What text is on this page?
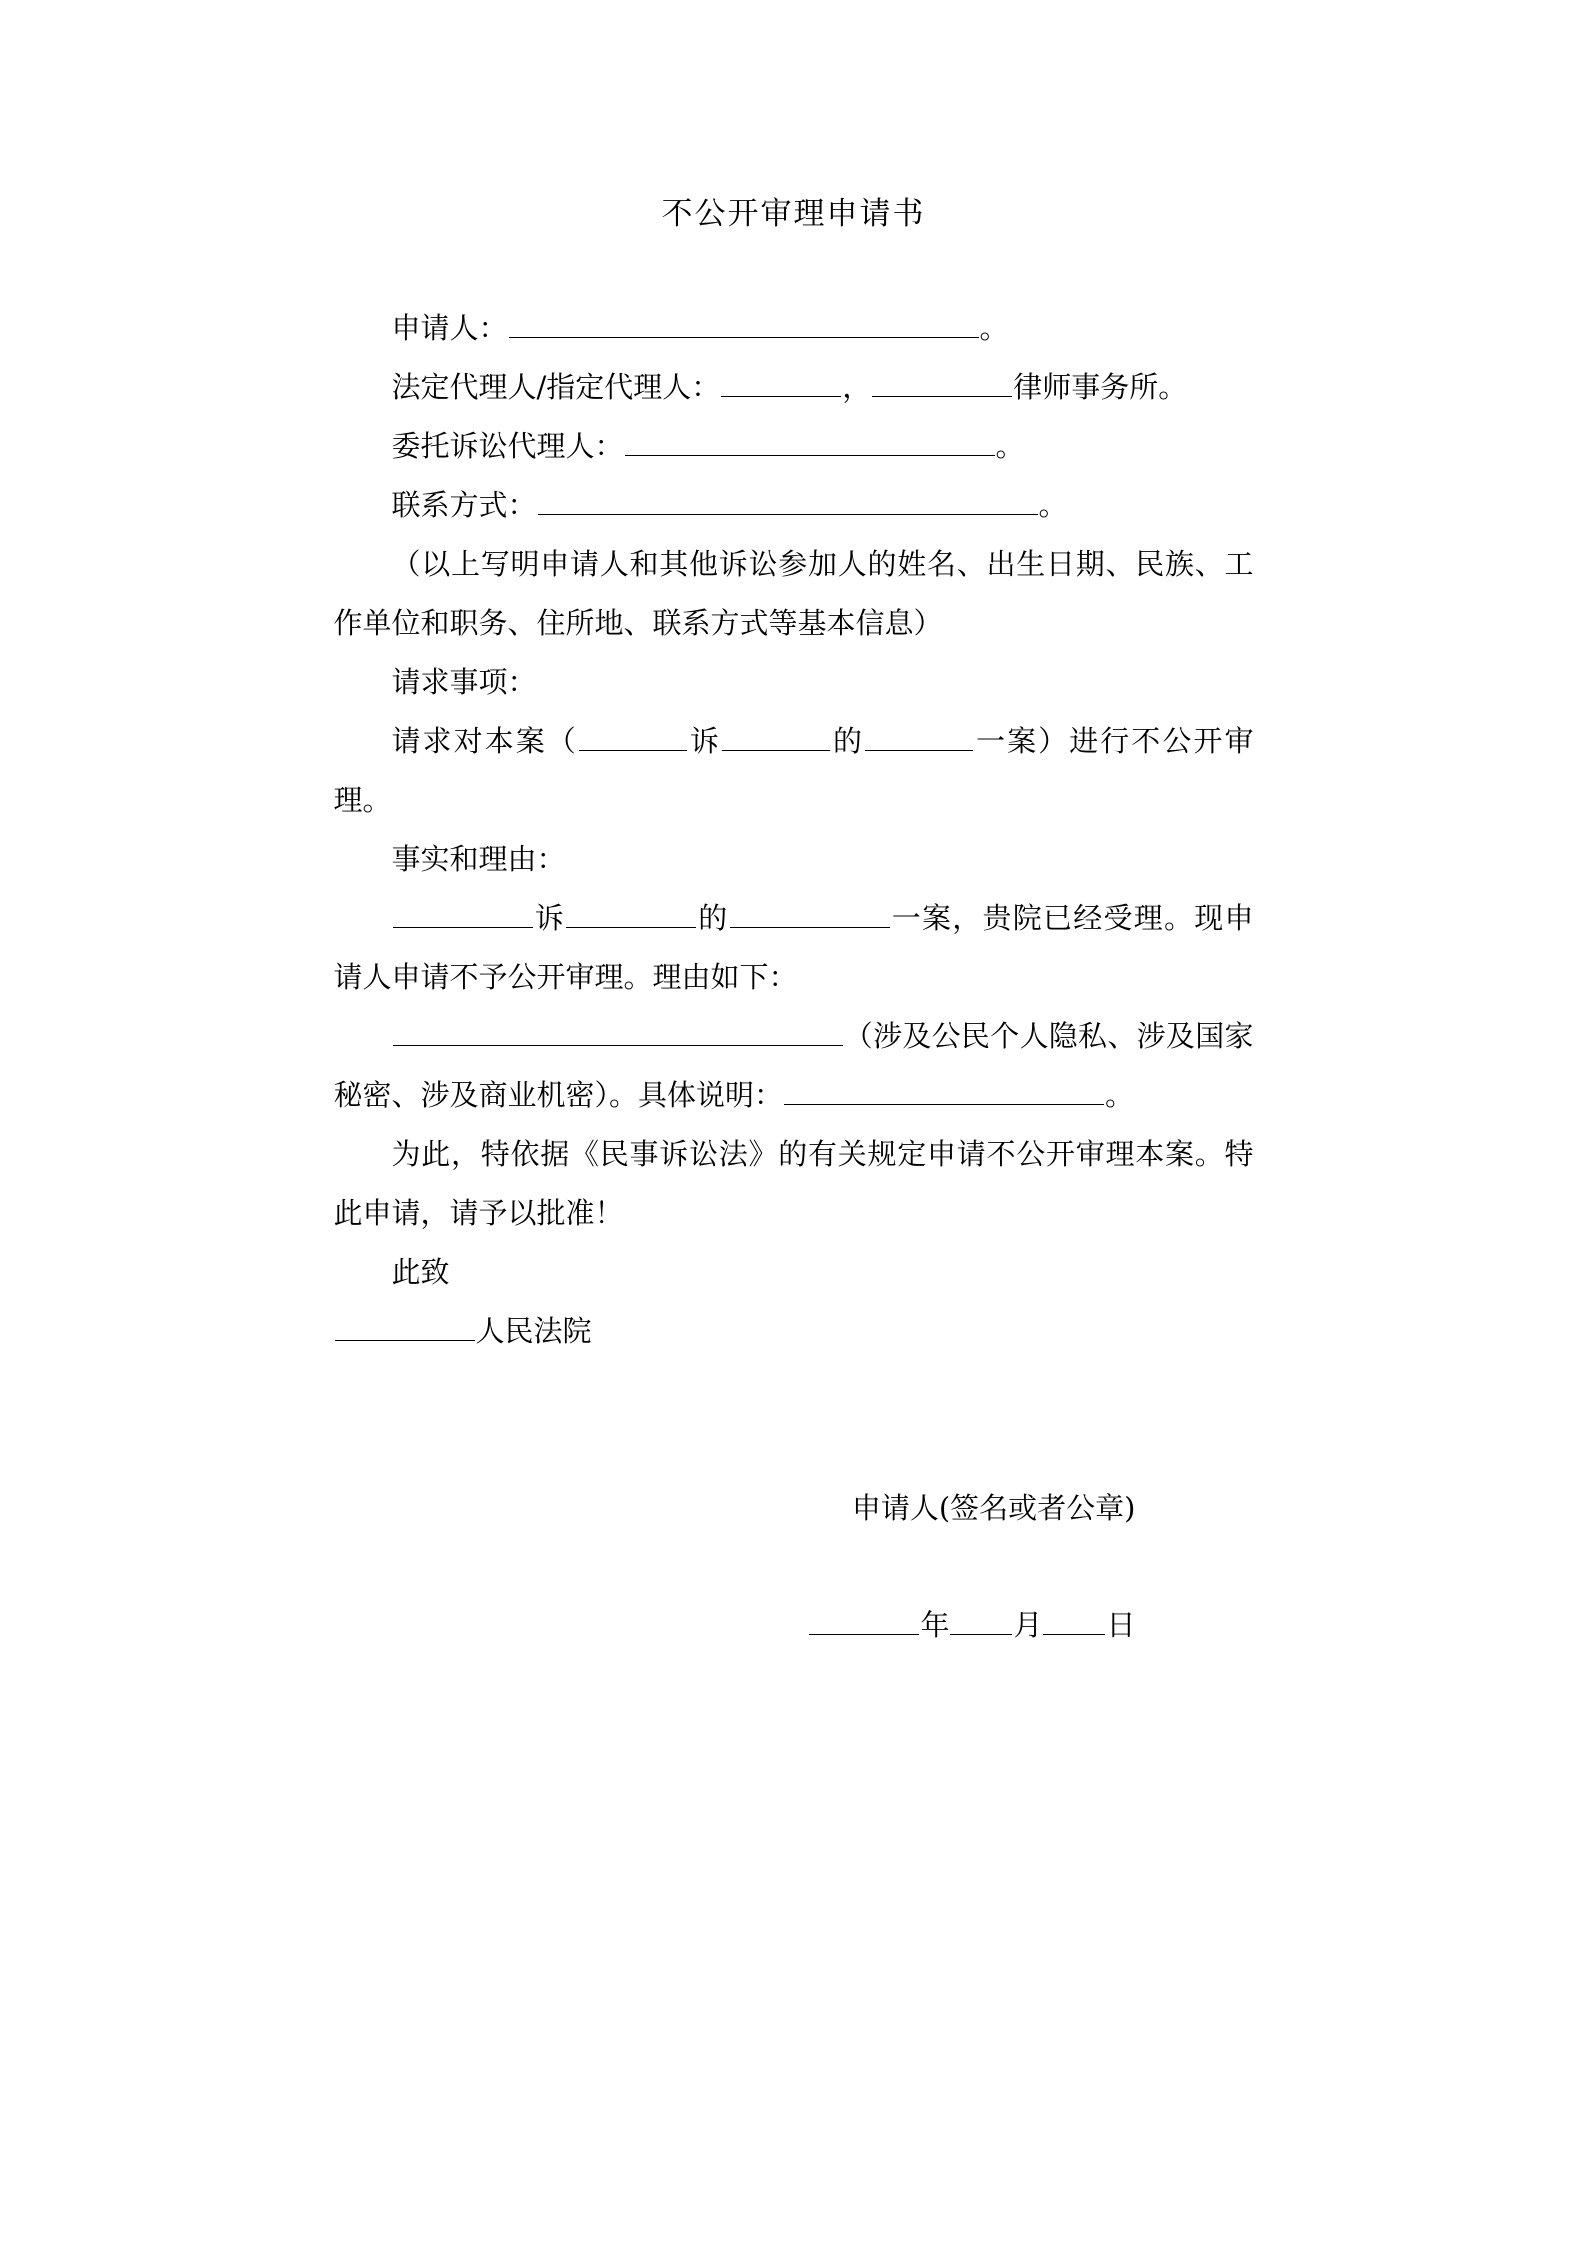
不公开审理申请书

申请人：	。

法定代理人/指定代理人：	，	律师事务所。

委托诉讼代理人：	。

联系方式：	。

（以上写明申请人和其他诉讼参加人的姓名、出生日期、民族、工作单位和职务、住所地、联系方式等基本信息）

请求事项：

请求对本案（	诉	的	一案）进行不公开审理。

事实和理由：

诉	的	一案，贵院已经受理。现申请人申请不予公开审理。理由如下：

（涉及公民个人隐私、涉及国家秘密、涉及商业机密）。具体说明：	。

为此，特依据《民事诉讼法》的有关规定申请不公开审理本案。特此申请，请予以批准！

此致

人民法院

申请人(签名或者公章)

年 月 日
